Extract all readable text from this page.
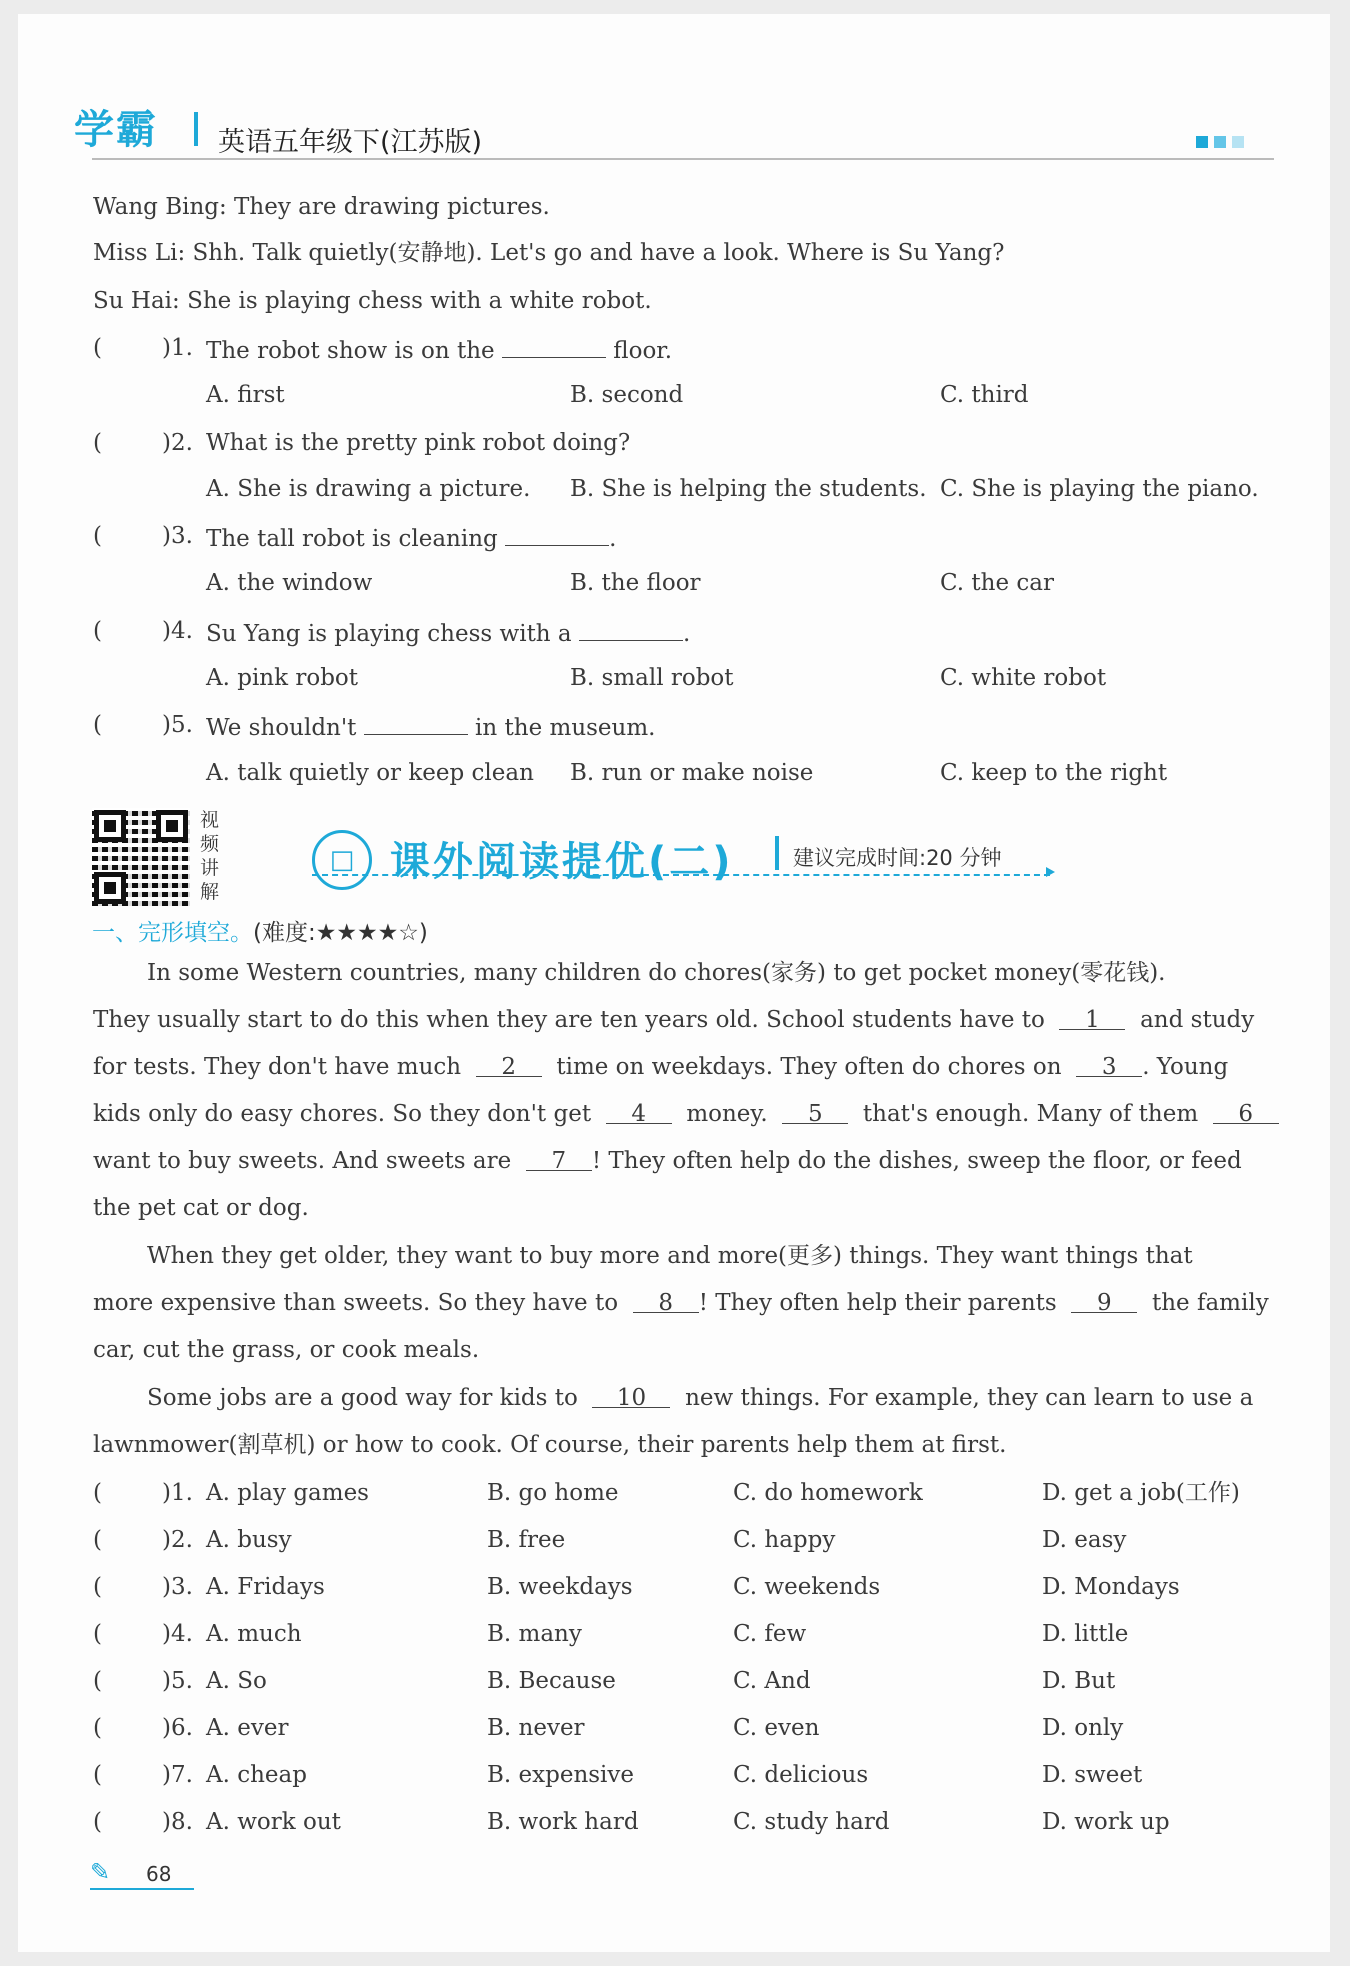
学霸 英语五年级下(江苏版)
Wang Bing: They are drawing pictures.
Miss Li: Shh. Talk quietly(安静地). Let's go and have a look. Where is Su Yang?
Su Hai: She is playing chess with a white robot.
(	)1. The robot show is on the	floor.
A. first	B. second	C. third
(	)2. What is the pretty pink robot doing?
A. She is drawing a picture. B. She is helping the students. C. She is playing the piano.
(	)3. The tall robot is cleaning	.
A. the window	B. the floor	C. the car
(	)4. Su Yang is playing chess with a	.
A. pink robot	B. small robot	C. white robot
(	)5. We shouldn't	in the museum.
A. talk quietly or keep clean B. run or make noise	C. keep to the right
视频讲解
□ 课外阅读提优(二)	建议完成时间:20 分钟
一、完形填空。(难度:★★★★☆)
In some Western countries, many children do chores(家务) to get pocket money(零花钱).
They usually start to do this when they are ten years old. School students have to 1 and study
for tests. They don't have much 2 time on weekdays. They often do chores on 3 . Young
kids only do easy chores. So they don't get 4 money. 5 that's enough. Many of them 6
want to buy sweets. And sweets are 7 ! They often help do the dishes, sweep the floor, or feed
the pet cat or dog.
When they get older, they want to buy more and more(更多) things. They want things that
more expensive than sweets. So they have to 8 ! They often help their parents 9 the family
car, cut the grass, or cook meals.
Some jobs are a good way for kids to 10 new things. For example, they can learn to use a
lawnmower(割草机) or how to cook. Of course, their parents help them at first.
(	)1. A. play games	B. go home	C. do homework	D. get a job(工作)
(	)2. A. busy	B. free	C. happy	D. easy
(	)3. A. Fridays	B. weekdays	C. weekends	D. Mondays
(	)4. A. much	B. many	C. few	D. little
(	)5. A. So	B. Because	C. And	D. But
(	)6. A. ever	B. never	C. even	D. only
(	)7. A. cheap	B. expensive	C. delicious	D. sweet
(	)8. A. work out	B. work hard	C. study hard	D. work up
✎ 68
